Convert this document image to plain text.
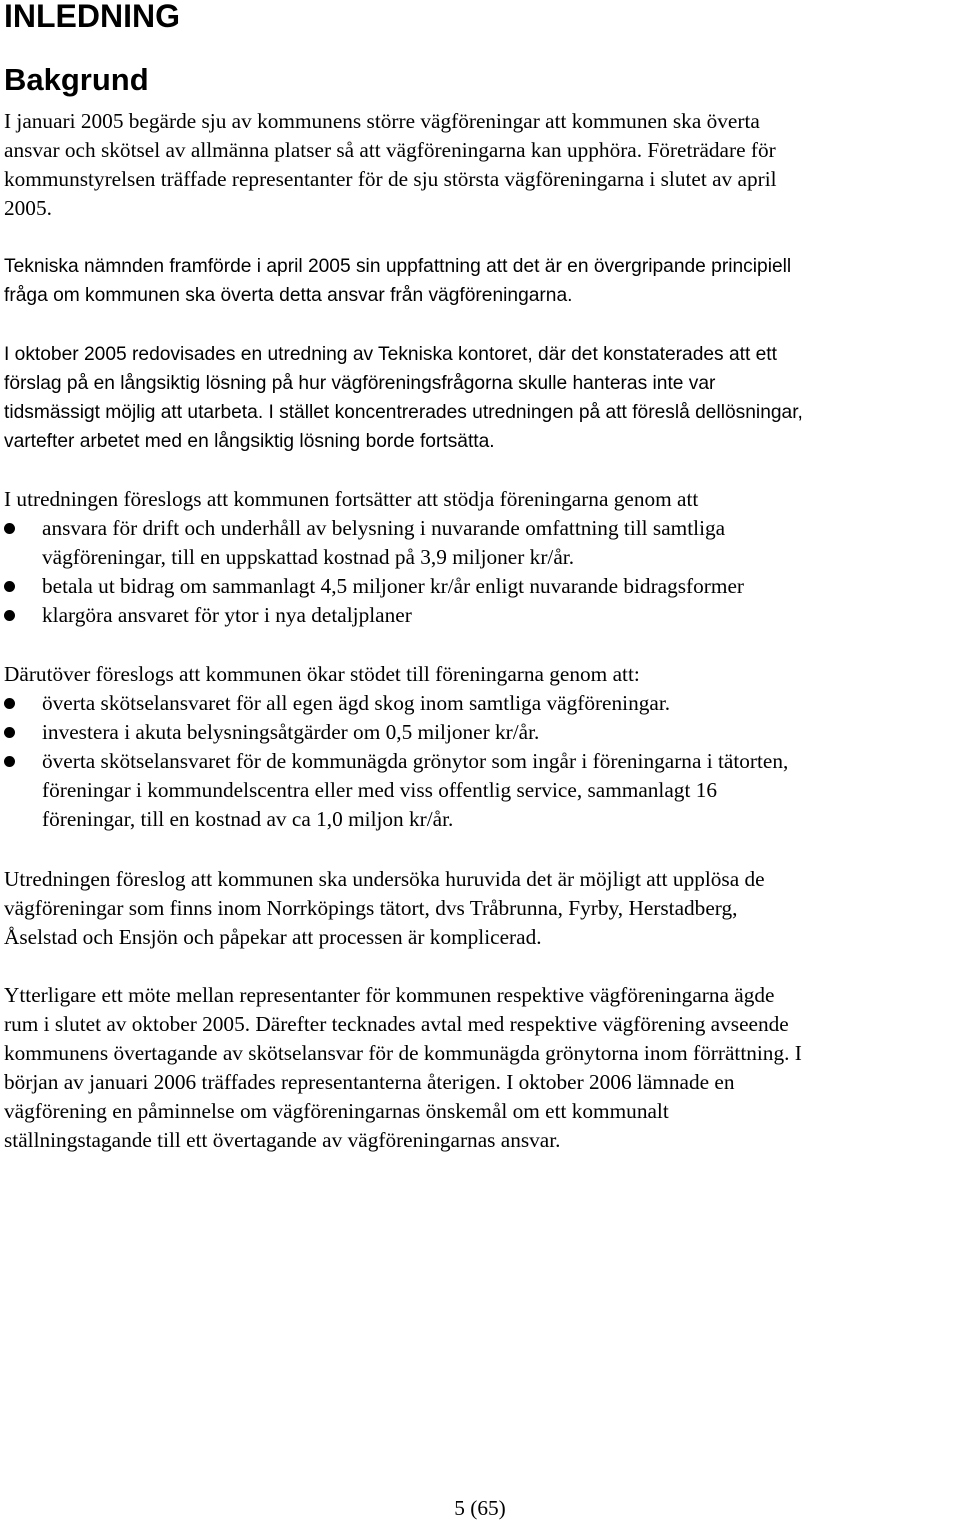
INLEDNING
Bakgrund
I januari 2005 begärde sju av kommunens större vägföreningar att kommunen ska överta
ansvar och skötsel av allmänna platser så att vägföreningarna kan upphöra. Företrädare för
kommunstyrelsen träffade representanter för de sju största vägföreningarna i slutet av april
2005.
Tekniska nämnden framförde i april 2005 sin uppfattning att det är en övergripande principiell
fråga om kommunen ska överta detta ansvar från vägföreningarna.
I oktober 2005 redovisades en utredning av Tekniska kontoret, där det konstaterades att ett
förslag på en långsiktig lösning på hur vägföreningsfrågorna skulle hanteras inte var
tidsmässigt möjlig att utarbeta. I stället koncentrerades utredningen på att föreslå dellösningar,
vartefter arbetet med en långsiktig lösning borde fortsätta.
I utredningen föreslogs att kommunen fortsätter att stödja föreningarna genom att
ansvara för drift och underhåll av belysning i nuvarande omfattning till samtliga
vägföreningar, till en uppskattad kostnad på 3,9 miljoner kr/år.
betala ut bidrag om sammanlagt 4,5 miljoner kr/år enligt nuvarande bidragsformer
klargöra ansvaret för ytor i nya detaljplaner
Därutöver föreslogs att kommunen ökar stödet till föreningarna genom att:
överta skötselansvaret för all egen ägd skog inom samtliga vägföreningar.
investera i akuta belysningsåtgärder om 0,5 miljoner kr/år.
överta skötselansvaret för de kommunägda grönytor som ingår i föreningarna i tätorten,
föreningar i kommundelscentra eller med viss offentlig service, sammanlagt 16
föreningar, till en kostnad av ca 1,0 miljon kr/år.
Utredningen föreslog att kommunen ska undersöka huruvida det är möjligt att upplösa de
vägföreningar som finns inom Norrköpings tätort, dvs Tråbrunna, Fyrby, Herstadberg,
Åselstad och Ensjön och påpekar att processen är komplicerad.
Ytterligare ett möte mellan representanter för kommunen respektive vägföreningarna ägde
rum i slutet av oktober 2005. Därefter tecknades avtal med respektive vägförening avseende
kommunens övertagande av skötselansvar för de kommunägda grönytorna inom förrättning. I
början av januari 2006 träffades representanterna återigen. I oktober 2006 lämnade en
vägförening en påminnelse om vägföreningarnas önskemål om ett kommunalt
ställningstagande till ett övertagande av vägföreningarnas ansvar.
5 (65)
